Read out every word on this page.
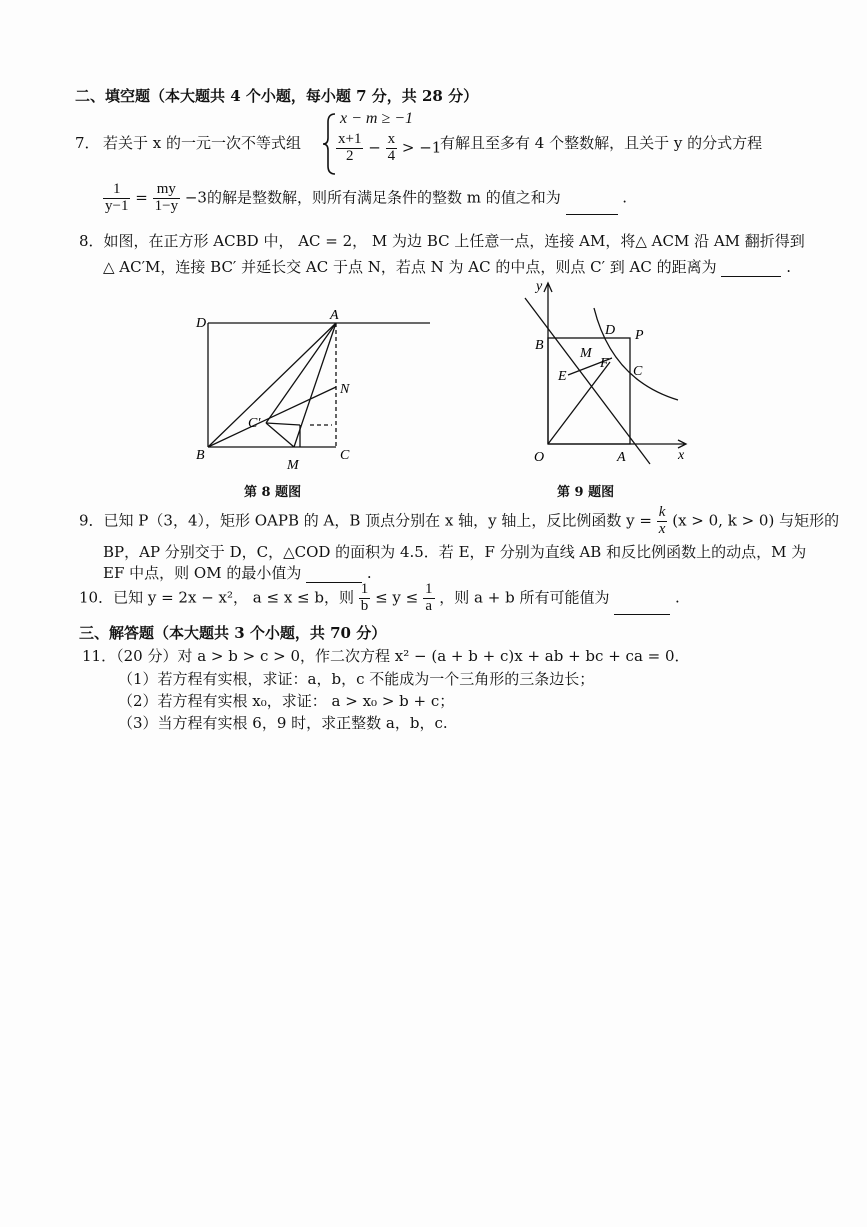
二、填空题（本大题共 4 个小题，每小题 7 分，共 28 分）
7． 若关于 x 的一元一次不等式组
x − m ≥ −1
$\frac{x+1}{2} - \frac{x}{4} > -1$
有解且至多有 4 个整数解，且关于 y 的分式方程
$\frac{1}{y-1} = \frac{my}{1-y} -3$的解是整数解，则所有满足条件的整数 m 的值之和为	.
8．如图，在正方形 ACBD 中， AC = 2， M 为边 BC 上任意一点，连接 AM，将△ ACM 沿 AM 翻折得到
△ AC′M，连接 BC′ 并延长交 AC 于点 N，若点 N 为 AC 的中点，则点 C′ 到 AC 的距离为	.
D
A
N
C′
B
M
C
第 8 题图
y
x
B
D P
M
F
E	C
O	A
第 9 题图
9．已知 P（3，4），矩形 OAPB 的 A，B 顶点分别在 x 轴，y 轴上，反比例函数 $y = \frac{k}{x} (x > 0$, k > 0) 与矩形的
BP，AP 分别交于 D，C，△COD 的面积为 4.5．若 E，F 分别为直线 AB 和反比例函数上的动点，M 为
EF 中点，则 OM 的最小值为	.
10．已知 y = 2x − x²， a ≤ x ≤ b，则 $\frac{1}{b} \le y \le \frac{1}{a}$ ，则 a + b 所有可能值为	.
三、解答题（本大题共 3 个小题，共 70 分）
11．（20 分）对 a > b > c > 0，作二次方程 x² − (a + b + c)x + ab + bc + ca = 0．
（1）若方程有实根，求证：a，b，c 不能成为一个三角形的三条边长；
（2）若方程有实根 x₀，求证： a > x₀ > b + c；
（3）当方程有实根 6，9 时，求正整数 a，b，c.
